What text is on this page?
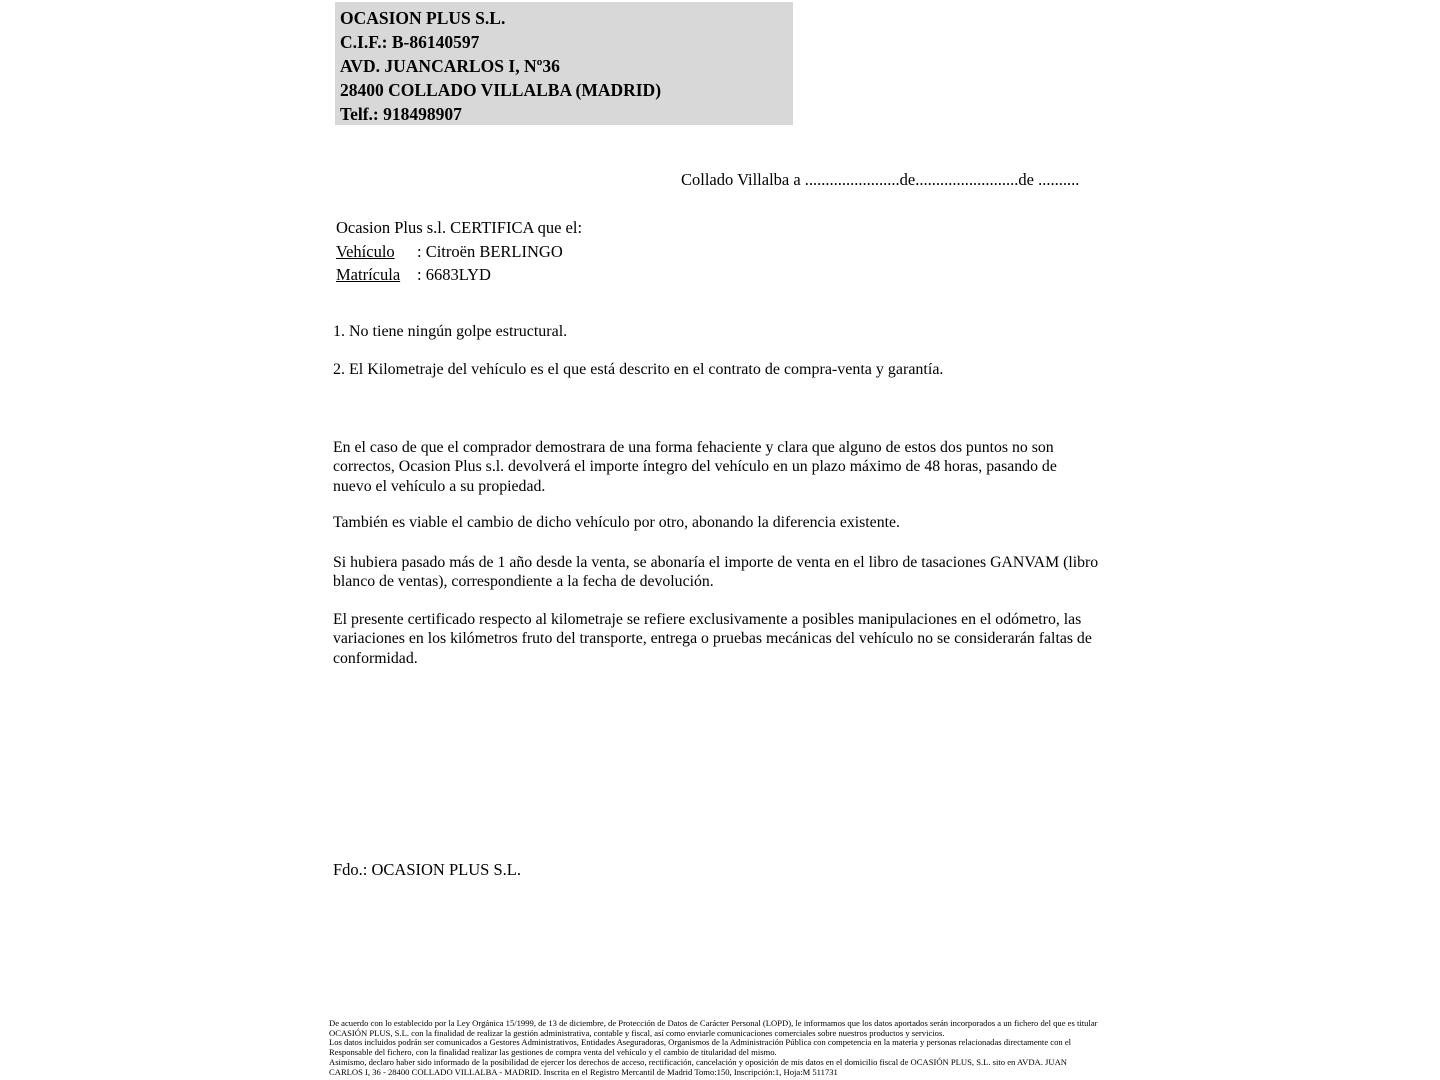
OCASION PLUS S.L.
C.I.F.: B-86140597
AVD. JUANCARLOS I, Nº36
28400 COLLADO VILLALBA (MADRID)
Telf.: 918498907
Collado Villalba a .......................de.........................de ..........
Ocasion Plus s.l. CERTIFICA que el:
Vehículo : Citroën BERLINGO
Matrícula : 6683LYD
1. No tiene ningún golpe estructural.
2. El Kilometraje del vehículo es el que está descrito en el contrato de compra-venta y garantía.
En el caso de que el comprador demostrara de una forma fehaciente y clara que alguno de estos dos puntos no son correctos, Ocasion Plus s.l. devolverá el importe íntegro del vehículo en un plazo máximo de 48 horas, pasando de nuevo el vehículo a su propiedad.
También es viable el cambio de dicho vehículo por otro, abonando la diferencia existente.
Si hubiera pasado más de 1 año desde la venta, se abonaría el importe de venta en el libro de tasaciones GANVAM (libro blanco de ventas), correspondiente a la fecha de devolución.
El presente certificado respecto al kilometraje se refiere exclusivamente a posibles manipulaciones en el odómetro, las variaciones en los kilómetros fruto del transporte, entrega o pruebas mecánicas del vehículo no se considerarán faltas de conformidad.
Fdo.: OCASION PLUS S.L.

De acuerdo con lo establecido por la Ley Orgánica 15/1999, de 13 de diciembre, de Protección de Datos de Carácter Personal (LOPD), le informamos que los datos aportados serán incorporados a un fichero del que es titular OCASIÓN PLUS, S.L. con la finalidad de realizar la gestión administrativa, contable y fiscal, así como enviarle comunicaciones comerciales sobre nuestros productos y servicios.

Los datos incluidos podrán ser comunicados a Gestores Administrativos, Entidades Aseguradoras, Organismos de la Administración Pública con competencia en la materia y personas relacionadas directamente con el Responsable del fichero, con la finalidad realizar las gestiones de compra venta del vehículo y el cambio de titularidad del mismo.

Asimismo, declaro haber sido informado de la posibilidad de ejercer los derechos de acceso, rectificación, cancelación y oposición de mis datos en el domicilio fiscal de OCASIÓN PLUS, S.L. sito en AVDA. JUAN CARLOS I, 36 - 28400 COLLADO VILLALBA - MADRID. Inscrita en el Registro Mercantil de Madrid Tomo:150, Inscripción:1, Hoja:M 511731
